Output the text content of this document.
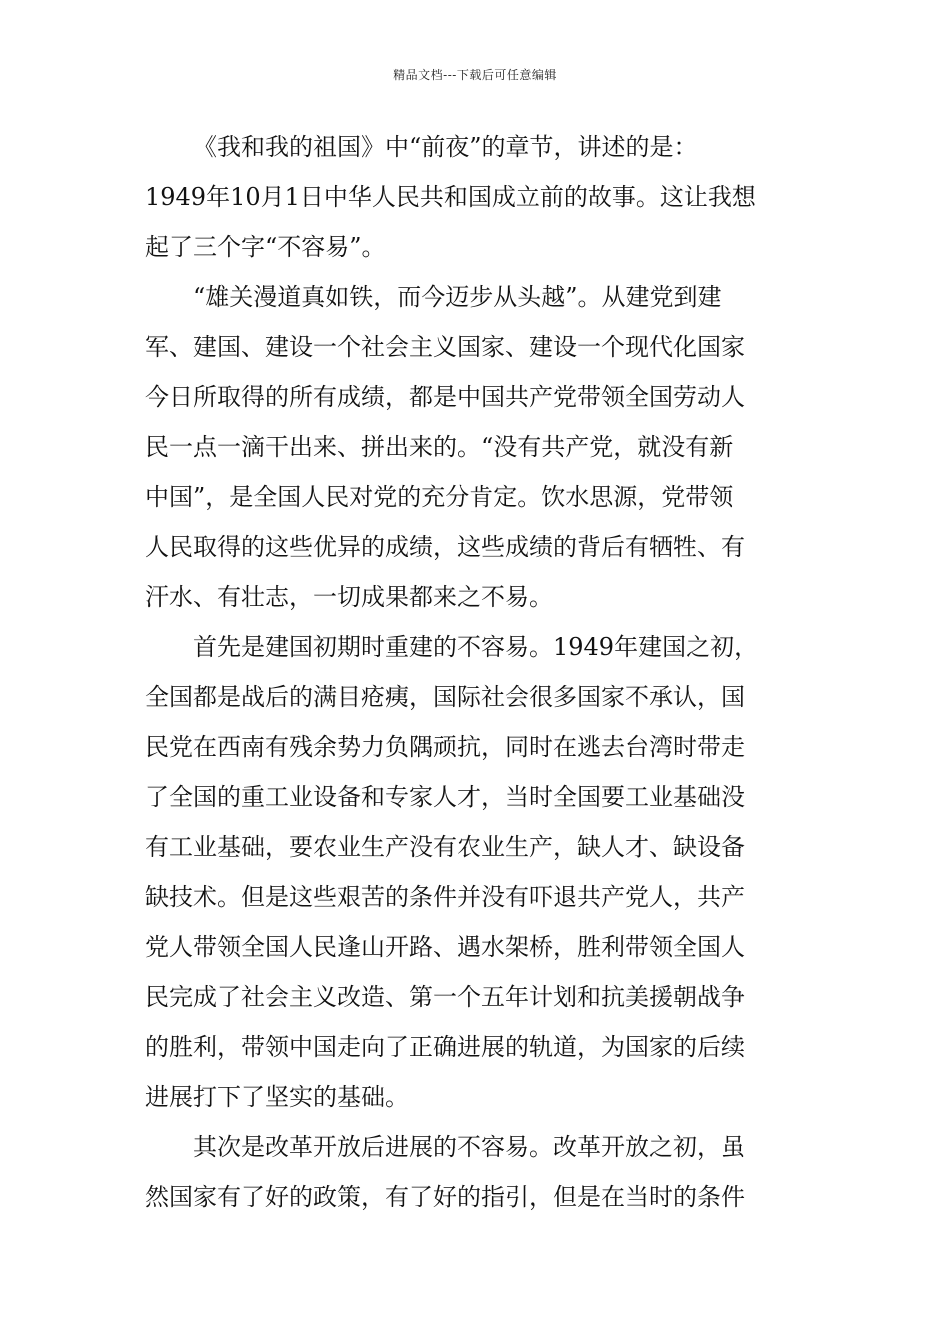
精品文档---下载后可任意编辑
《我和我的祖国》中“前夜”的章节，讲述的是：
1949年10月1日中华人民共和国成立前的故事。这让我想
起了三个字“不容易”。
“雄关漫道真如铁，而今迈步从头越”。从建党到建
军、建国、建设一个社会主义国家、建设一个现代化国家
今日所取得的所有成绩，都是中国共产党带领全国劳动人
民一点一滴干出来、拼出来的。“没有共产党，就没有新
中国”，是全国人民对党的充分肯定。饮水思源，党带领
人民取得的这些优异的成绩，这些成绩的背后有牺牲、有
汗水、有壮志，一切成果都来之不易。
首先是建国初期时重建的不容易。1949年建国之初，
全国都是战后的满目疮痍，国际社会很多国家不承认，国
民党在西南有残余势力负隅顽抗，同时在逃去台湾时带走
了全国的重工业设备和专家人才，当时全国要工业基础没
有工业基础，要农业生产没有农业生产，缺人才、缺设备
缺技术。但是这些艰苦的条件并没有吓退共产党人，共产
党人带领全国人民逢山开路、遇水架桥，胜利带领全国人
民完成了社会主义改造、第一个五年计划和抗美援朝战争
的胜利，带领中国走向了正确进展的轨道，为国家的后续
进展打下了坚实的基础。
其次是改革开放后进展的不容易。改革开放之初，虽
然国家有了好的政策，有了好的指引，但是在当时的条件
